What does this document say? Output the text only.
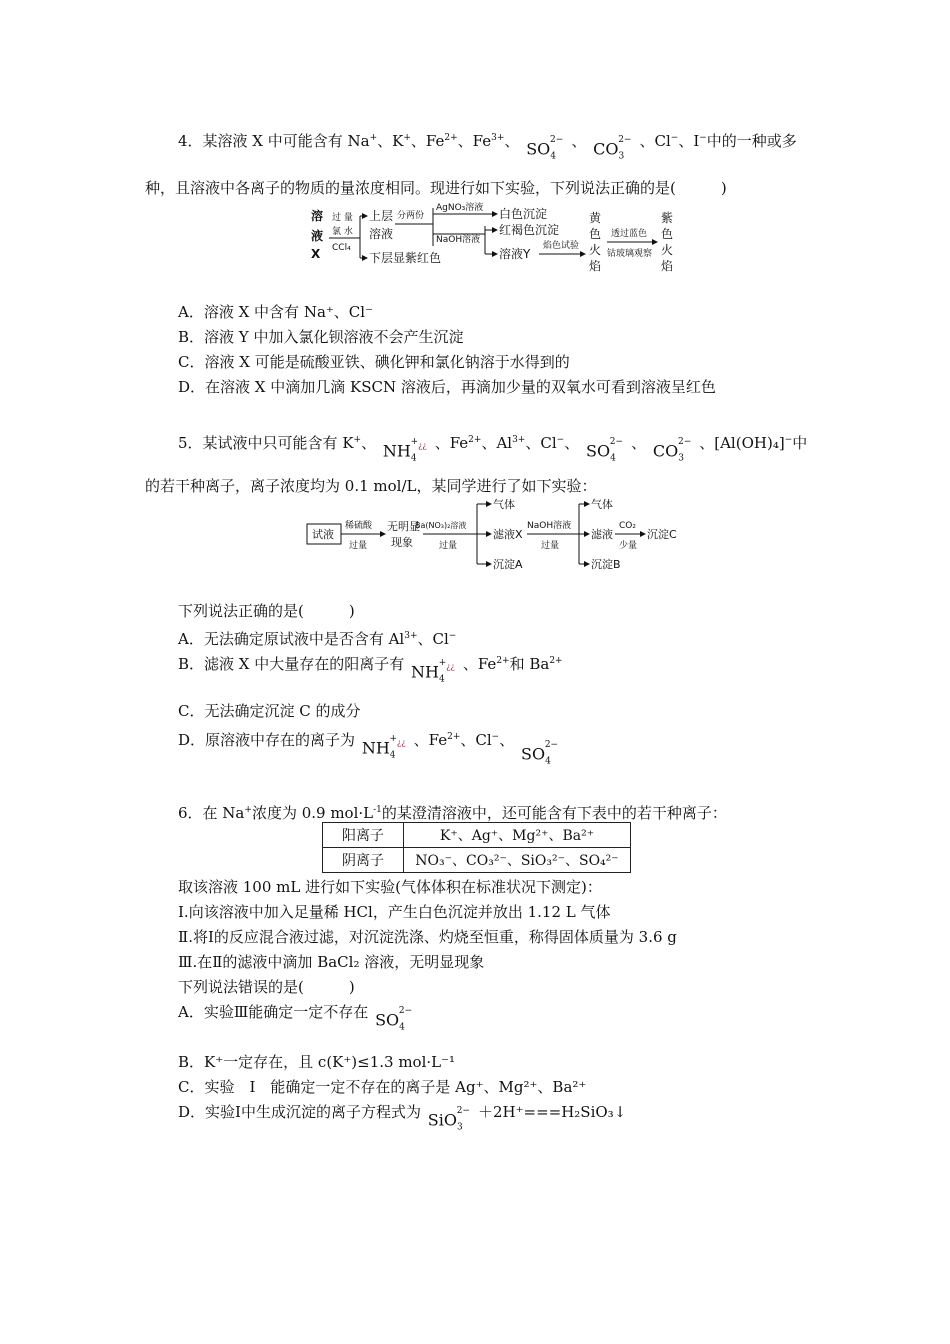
4．某溶液 X 中可能含有 Na+、K+、$Fe^{2+}$、$Fe^{3+}$、 $SO_4^{2-}$ 、 $CO_3^{2-}$ 、Cl−、I−中的一种或多
种，且溶液中各离子的物质的量浓度相同。现进行如下实验，下列说法正确的是(　　　)
溶
液
X
过 量
氯 水
CCl₄
上层
溶液
下层显紫红色
分两份
AgNO₃溶液 白色沉淀
NaOH溶液
红褐色沉淀
溶液Y
焰色试验
黄
色
火
焰
透过蓝色
钴玻璃观察
紫
色
火
焰
A．溶液 X 中含有 Na⁺、Cl⁻
B．溶液 Y 中加入氯化钡溶液不会产生沉淀
C．溶液 X 可能是硫酸亚铁、碘化钾和氯化钠溶于水得到的
D．在溶液 X 中滴加几滴 KSCN 溶液后，再滴加少量的双氧水可看到溶液呈红色
5．某试液中只可能含有 K+、 $NH_4^{+¿¿}$ 、$Fe^{2+}$、$Al^{3+}$、Cl−、 $SO_4^{2-}$ 、 $CO_3^{2-}$ 、[Al(OH)₄]−中
的若干种离子，离子浓度均为 0.1 mol/L，某同学进行了如下实验：
试液
稀硫酸
过量
无明显
现象
Ba(NO₃)₂溶液
过量
气体
滤液X
沉淀A
NaOH溶液
过量
气体
滤液
沉淀B
CO₂
少量
沉淀C
下列说法正确的是(　　　)
A．无法确定原试液中是否含有 $Al^{3+}$、Cl−
B．滤液 X 中大量存在的阳离子有 $NH_4^{+¿¿}$ 、$Fe^{2+}$和 $Ba^{2+}$
C．无法确定沉淀 C 的成分
D．原溶液中存在的离子为 $NH_4^{+¿¿}$ 、$Fe^{2+}$、Cl−、 $SO_4^{2-}$
6．在 Na+浓度为 0.9 $mol\cdot L^{-1}$的某澄清溶液中，还可能含有下表中的若干种离子：
阳离子	K⁺、Ag⁺、Mg²⁺、Ba²⁺
阴离子	NO₃⁻、CO₃²⁻、SiO₃²⁻、SO₄²⁻
取该溶液 100 mL 进行如下实验(气体体积在标准状况下测定)：
Ⅰ.向该溶液中加入足量稀 HCl，产生白色沉淀并放出 1.12 L 气体
Ⅱ.将Ⅰ的反应混合液过滤，对沉淀洗涤、灼烧至恒重，称得固体质量为 3.6 g
Ⅲ.在Ⅱ的滤液中滴加 BaCl₂ 溶液，无明显现象
下列说法错误的是(　　　)
A．实验Ⅲ能确定一定不存在 $SO_4^{2-}$
B．K⁺一定存在，且 c(K⁺)≤1.3 mol·L⁻¹
C．实验　Ⅰ　能确定一定不存在的离子是 Ag⁺、Mg²⁺、Ba²⁺
D．实验Ⅰ中生成沉淀的离子方程式为 SiO$_3^{2-}$ ＋2H⁺===H₂SiO₃↓
